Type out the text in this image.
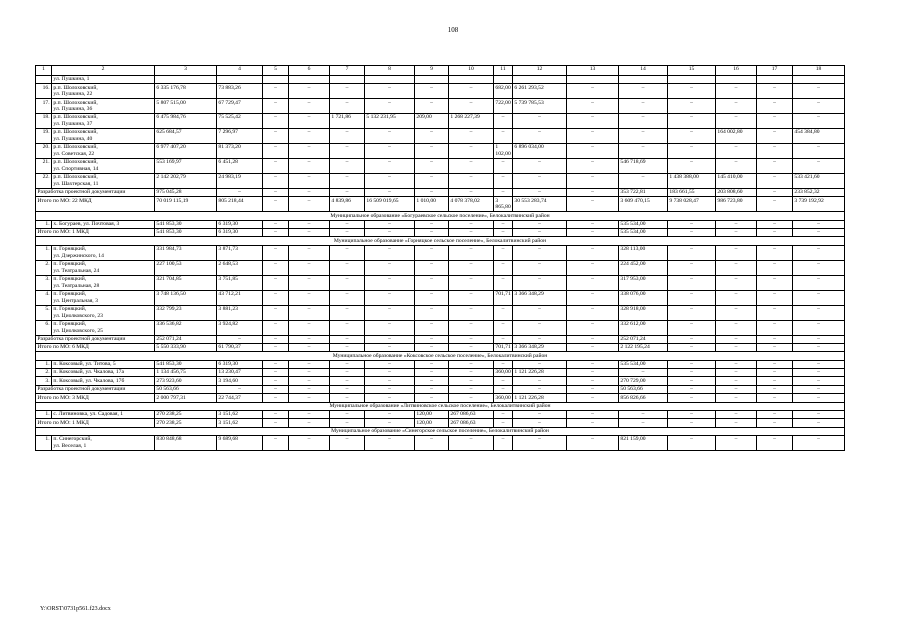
108
1	2	3	4	5	6	7	8	9	10	11	12	13	14	15	16	17	18
	ул. Пушкина, 1																
16.	р.п. Шолоховский,
ул. Пушкина, 22	6 335 176,78	73 883,26	–	–	–	–	–	–	682,00	6 261 293,52	–	–	–	–	–	–
17.	р.п. Шолоховский,
ул. Пушкина, 36	5 807 515,00	67 729,47	–	–	–	–	–	–	722,00	5 739 785,53	–	–	–	–	–	–
18.	р.п. Шолоховский,
ул. Пушкина, 37	6 475 984,76	75 525,42	–	–	1 721,86	5 132 231,95	209,00	1 268 227,39	–	–	–	–	–	–	–	–
19.	р.п. Шолоховский,
ул. Пушкина, 40	625 684,57	7 296,97	–	–	–	–	–	–	–	–	–	–	–	164 002,80	–	454 384,80
20.	р.п. Шолоховский,
ул. Советская, 22	6 977 407,20	81 373,20	–	–	–	–	–	–	1 102,00	6 896 034,00	–	–	–	–	–	–
21.	р.п. Шолоховский,
ул. Спортивная, 14	553 169,97	6 451,28	–	–	–	–	–	–	–	–	–	546 718,69	–	–	–	–
22.	р.п. Шолоховский,
ул. Шахтерская, 11	2 142 202,79	24 983,19	–	–	–	–	–	–	–	–	–	–	1 438 388,00	145 410,00	–	533 421,60
Разработка проектной документации		975 045,28	–	–	–	–	–	–	–	–	–	–	353 722,81	183 661,55	203 808,60	–	233 852,32
Итого по МО: 22 МКД		70 019 115,19	805 218,44	–	–	4 839,86	16 509 019,65	1 010,00	4 078 378,02	3 865,80	30 553 283,74	–	3 609 470,15	9 738 028,47	986 723,80	–	3 739 192,92
Муниципальное образование «Богураевское сельское поселение», Белокалитвинский район																	
1.	х. Богураев, ул. Почтовая, 3	541 853,30	6 319,30	–	–	–	–	–	–	–	–	–	535 534,00	–	–	–	–
Итого по МО: 1 МКД		541 853,30	6 319,30	–	–	–	–	–	–	–	–	–	535 534,00	–	–	–	–
Муниципальное образование «Горняцкое сельское поселение», Белокалитвинский район																	
1.	п. Горняцкий,
ул. Дзержинского, 14	331 984,73	3 871,73	–	–	–	–	–	–	–	–	–	328 113,00	–	–	–	–
2.	п. Горняцкий,
ул. Театральная, 24	227 100,53	2 648,53	–	–	–	–	–	–	–	–	–	224 452,00	–	–	–	–
3.	п. Горняцкий,
ул. Театральная, 28	321 704,85	3 751,85	–	–	–	–	–	–	–	–	–	317 953,00	–	–	–	–
4.	п. Горняцкий,
ул. Центральная, 3	3 748 136,50	43 712,21	–	–	–	–	–	–	701,71	3 366 348,29	–	338 076,00	–	–	–	–
5.	п. Горняцкий,
ул. Циолковского, 23	332 799,23	3 881,23	–	–	–	–	–	–	–	–	–	328 918,00	–	–	–	–
6.	п. Горняцкий,
ул. Циолковского, 25	336 536,82	3 924,82	–	–	–	–	–	–	–	–	–	332 612,00	–	–	–	–
Разработка проектной документации		252 071,24	–	–	–	–	–	–	–	–	–	–	252 071,24	–	–	–	–
Итого по МО: 6 МКД		5 550 333,90	61 790,37	–	–	–	–	–	–	701,71	3 366 348,29	–	2 122 195,24	–	–	–	–
Муниципальное образование «Коксовское сельское поселение», Белокалитвинский район																	
1.	п. Коксовый, ул. Титова, 5	541 853,30	6 319,30	–	–	–	–	–	–	–	–	–	535 534,00	–	–	–	–
2.	п. Коксовый, ул. Чкалова, 17а	1 134 456,75	13 230,47	–	–	–	–	–	–	360,00	1 121 226,28	–	–	–	–	–	–
3.	п. Коксовый, ул. Чкалова, 17б	273 923,60	3 194,60	–	–	–	–	–	–	–	–	–	270 729,00	–	–	–	–
Разработка проектной документации		50 563,66	–	–	–	–	–	–	–	–	–	–	50 563,66	–	–	–	–
Итого по МО: 3 МКД		2 000 797,31	22 744,37	–	–	–	–	–	–	360,00	1 121 226,28	–	856 826,66	–	–	–	–
Муниципальное образование «Литвиновское сельское поселение», Белокалитвинский район																	
1.	с. Литвиновка, ул. Садовая, 1	270 238,25	3 151,62	–	–	–	–	120,00	267 086,63	–	–	–	–	–	–	–	–
Итого по МО: 1 МКД		270 238,25	3 151,62	–	–	–	–	120,00	267 086,63	–	–	–	–	–	–	–	–
Муниципальное образование «Синегорское сельское поселение», Белокалитвинский район																	
1.	п. Синегорский,
ул. Веселая, 1	830 848,68	9 689,68	–	–	–	–	–	–	–	–	–	821 159,00	–	–	–	–
Y:\ORST\0731p561.f23.docx
